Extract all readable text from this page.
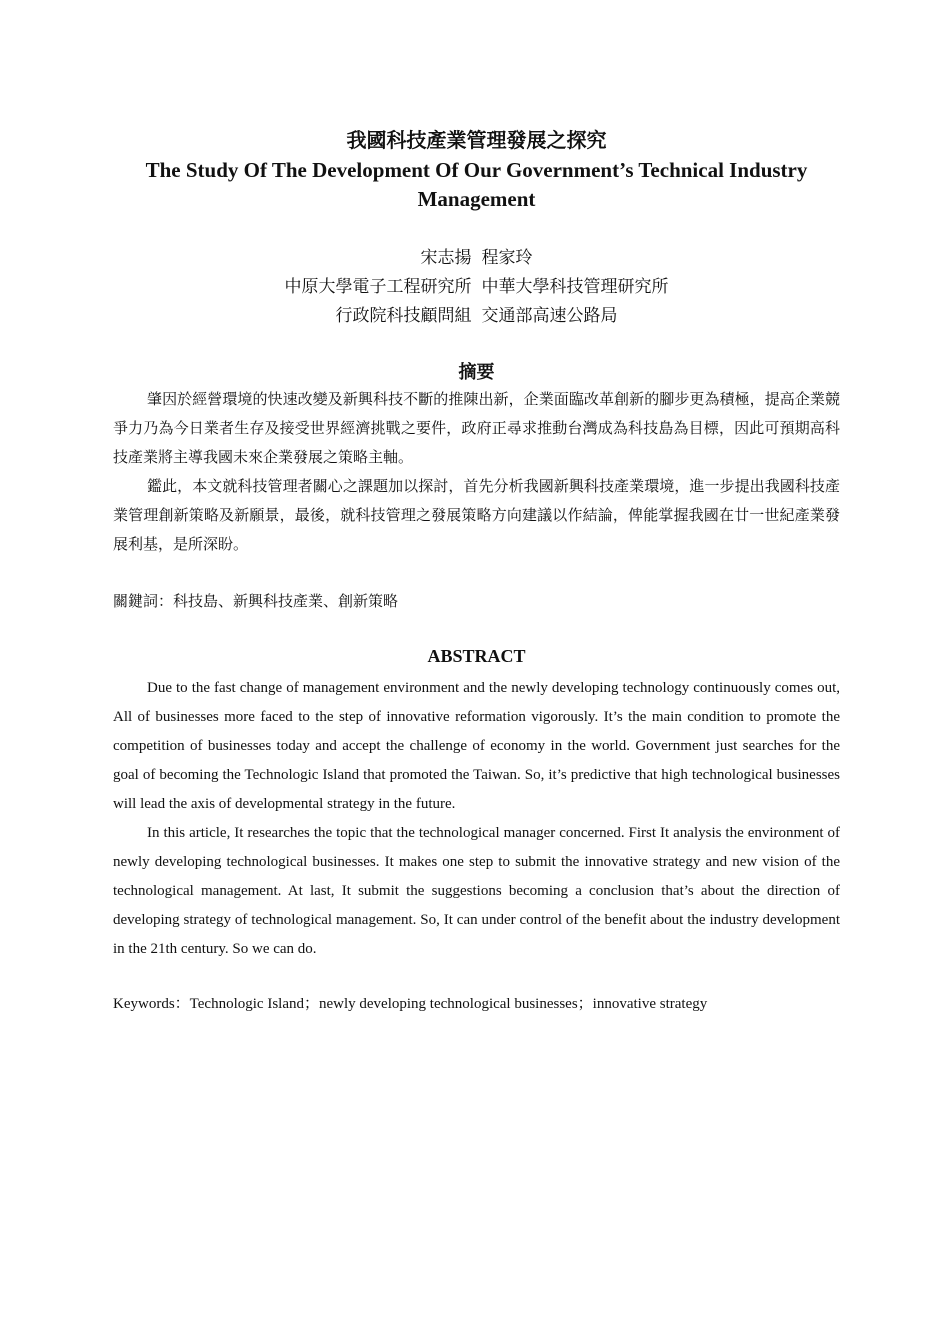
我國科技產業管理發展之探究
The Study Of The Development Of Our Government’s Technical Industry
Management
宋志揚 程家玲
中原大學電子工程研究所 中華大學科技管理研究所
行政院科技顧問組 交通部高速公路局
摘要

肇因於經營環境的快速改變及新興科技不斷的推陳出新，企業面臨改革創新的腳步更為積極，提高企業競爭力乃為今日業者生存及接受世界經濟挑戰之要件，政府正尋求推動台灣成為科技島為目標，因此可預期高科技產業將主導我國未來企業發展之策略主軸。

鑑此，本文就科技管理者關心之課題加以探討，首先分析我國新興科技產業環境，進一步提出我國科技產業管理創新策略及新願景，最後，就科技管理之發展策略方向建議以作結論，俾能掌握我國在廿一世紀產業發展利基，是所深盼。

關鍵詞：科技島、新興科技產業、創新策略
ABSTRACT

Due to the fast change of management environment and the newly developing technology continuously comes out, All of businesses more faced to the step of innovative reformation vigorously. It’s the main condition to promote the competition of businesses today and accept the challenge of economy in the world. Government just searches for the goal of becoming the Technologic Island that promoted the Taiwan. So, it’s predictive that high technological businesses will lead the axis of developmental strategy in the future.

In this article, It researches the topic that the technological manager concerned. First It analysis the environment of newly developing technological businesses. It makes one step to submit the innovative strategy and new vision of the technological management. At last, It submit the suggestions becoming a conclusion that’s about the direction of developing strategy of technological management. So, It can under control of the benefit about the industry development in the 21th century. So we can do.

Keywords：Technologic Island；newly developing technological businesses；innovative strategy
